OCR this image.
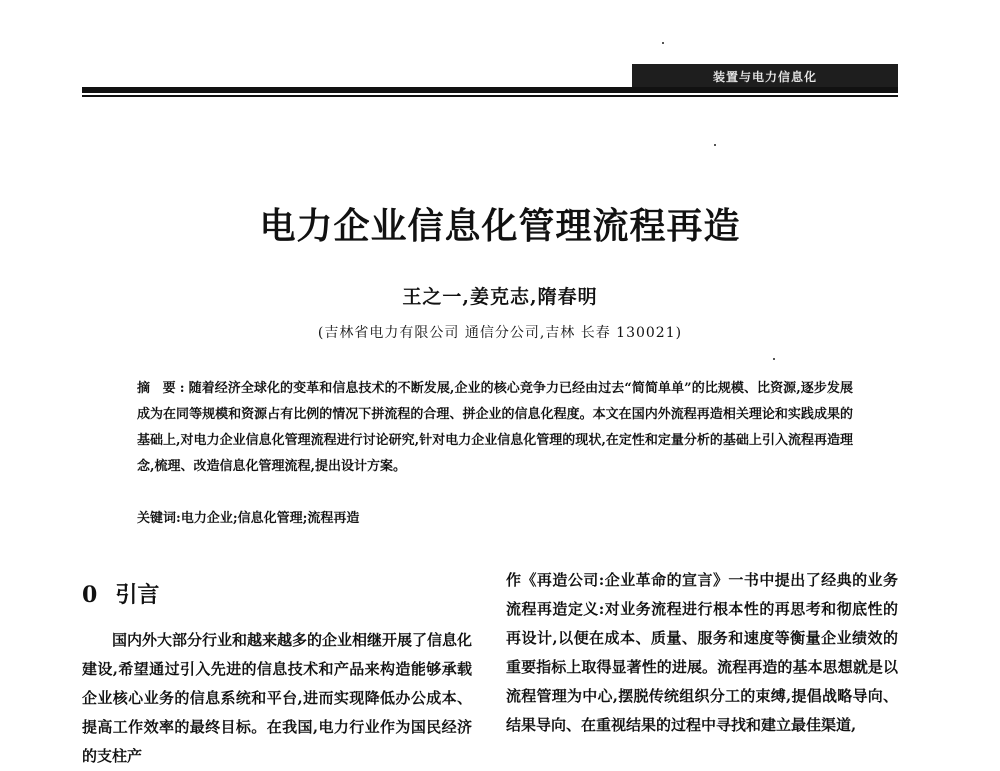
装置与电力信息化
电力企业信息化管理流程再造
王之一,姜克志,隋春明
(吉林省电力有限公司 通信分公司,吉林 长春 130021)
摘 要:随着经济全球化的变革和信息技术的不断发展,企业的核心竞争力已经由过去“简简单单”的比规模、比资源,逐步发展成为在同等规模和资源占有比例的情况下拼流程的合理、拼企业的信息化程度。本文在国内外流程再造相关理论和实践成果的基础上,对电力企业信息化管理流程进行讨论研究,针对电力企业信息化管理的现状,在定性和定量分析的基础上引入流程再造理念,梳理、改造信息化管理流程,提出设计方案。
关键词:电力企业;信息化管理;流程再造
0 引言

国内外大部分行业和越来越多的企业相继开展了信息化建设,希望通过引入先进的信息技术和产品来构造能够承载企业核心业务的信息系统和平台,进而实现降低办公成本、提高工作效率的最终目标。在我国,电力行业作为国民经济的支柱产

作《再造公司:企业革命的宣言》一书中提出了经典的业务流程再造定义:对业务流程进行根本性的再思考和彻底性的再设计,以便在成本、质量、服务和速度等衡量企业绩效的重要指标上取得显著性的进展。流程再造的基本思想就是以流程管理为中心,摆脱传统组织分工的束缚,提倡战略导向、结果导向、在重视结果的过程中寻找和建立最佳渠道,
